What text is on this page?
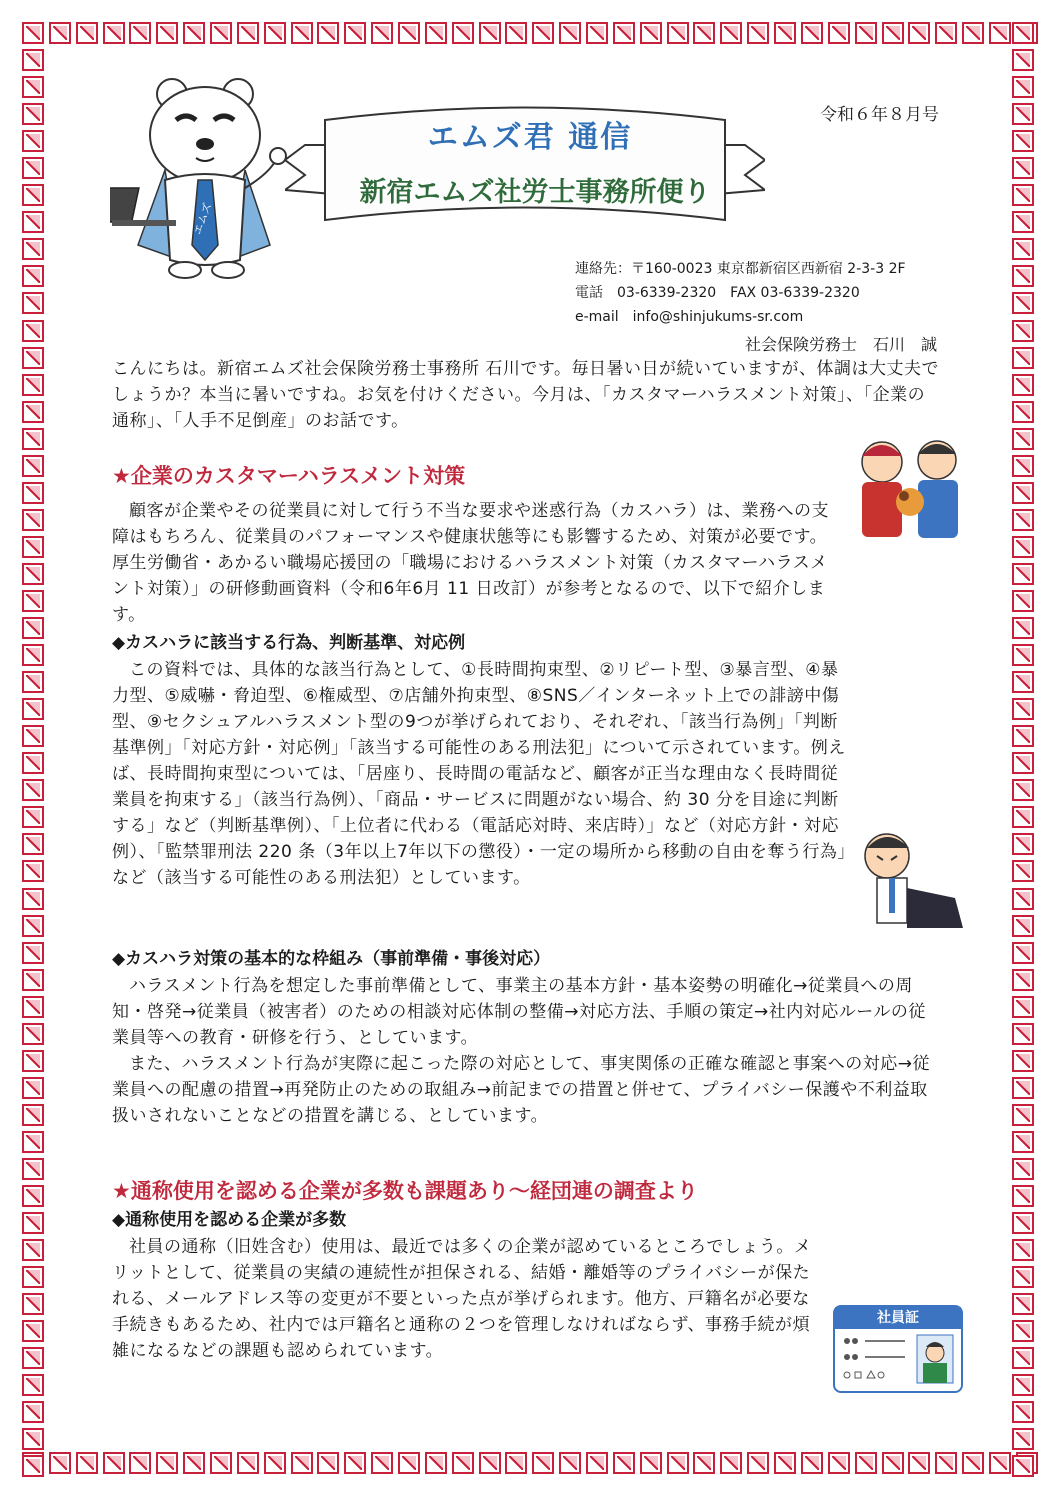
令和６年８月号
エムズ
エムズ君 通信
新宿エムズ社労士事務所便り
連絡先：〒160-0023 東京都新宿区西新宿 2-3-3 2F
電話　03-6339-2320　FAX 03-6339-2320
e-mail　info@shinjukums-sr.com
社会保険労務士　石川　誠
こんにちは。新宿エムズ社会保険労務士事務所 石川です。毎日暑い日が続いていますが、体調は大丈夫でしょうか？本当に暑いですね。お気を付けください。今月は、「カスタマーハラスメント対策」、「企業の通称」、「人手不足倒産」のお話です。
★企業のカスタマーハラスメント対策

顧客が企業やその従業員に対して行う不当な要求や迷惑行為（カスハラ）は、業務への支障はもちろん、従業員のパフォーマンスや健康状態等にも影響するため、対策が必要です。厚生労働省・あかるい職場応援団の「職場におけるハラスメント対策（カスタマーハラスメント対策）」の研修動画資料（令和6年6月 11 日改訂）が参考となるので、以下で紹介します。

◆カスハラに該当する行為、判断基準、対応例

この資料では、具体的な該当行為として、①長時間拘束型、②リピート型、③暴言型、④暴力型、⑤威嚇・脅迫型、⑥権威型、⑦店舗外拘束型、⑧SNS／インターネット上での誹謗中傷型、⑨セクシュアルハラスメント型の9つが挙げられており、それぞれ、「該当行為例」「判断基準例」「対応方針・対応例」「該当する可能性のある刑法犯」について示されています。例えば、長時間拘束型については、「居座り、長時間の電話など、顧客が正当な理由なく長時間従業員を拘束する」（該当行為例）、「商品・サービスに問題がない場合、約 30 分を目途に判断する」など（判断基準例）、「上位者に代わる（電話応対時、来店時）」など（対応方針・対応例）、「監禁罪刑法 220 条（3年以上7年以下の懲役）・一定の場所から移動の自由を奪う行為」など（該当する可能性のある刑法犯）としています。

◆カスハラ対策の基本的な枠組み（事前準備・事後対応）

ハラスメント行為を想定した事前準備として、事業主の基本方針・基本姿勢の明確化→従業員への周知・啓発→従業員（被害者）のための相談対応体制の整備→対応方法、手順の策定→社内対応ルールの従業員等への教育・研修を行う、としています。

また、ハラスメント行為が実際に起こった際の対応として、事実関係の正確な確認と事案への対応→従業員への配慮の措置→再発防止のための取組み→前記までの措置と併せて、プライバシー保護や不利益取扱いされないことなどの措置を講じる、としています。

★通称使用を認める企業が多数も課題あり～経団連の調査より
◆通称使用を認める企業が多数

社員の通称（旧姓含む）使用は、最近では多くの企業が認めているところでしょう。メリットとして、従業員の実績の連続性が担保される、結婚・離婚等のプライバシーが保たれる、メールアドレス等の変更が不要といった点が挙げられます。他方、戸籍名が必要な手続きもあるため、社内では戸籍名と通称の２つを管理しなければならず、事務手続が煩雑になるなどの課題も認められています。

社員証
